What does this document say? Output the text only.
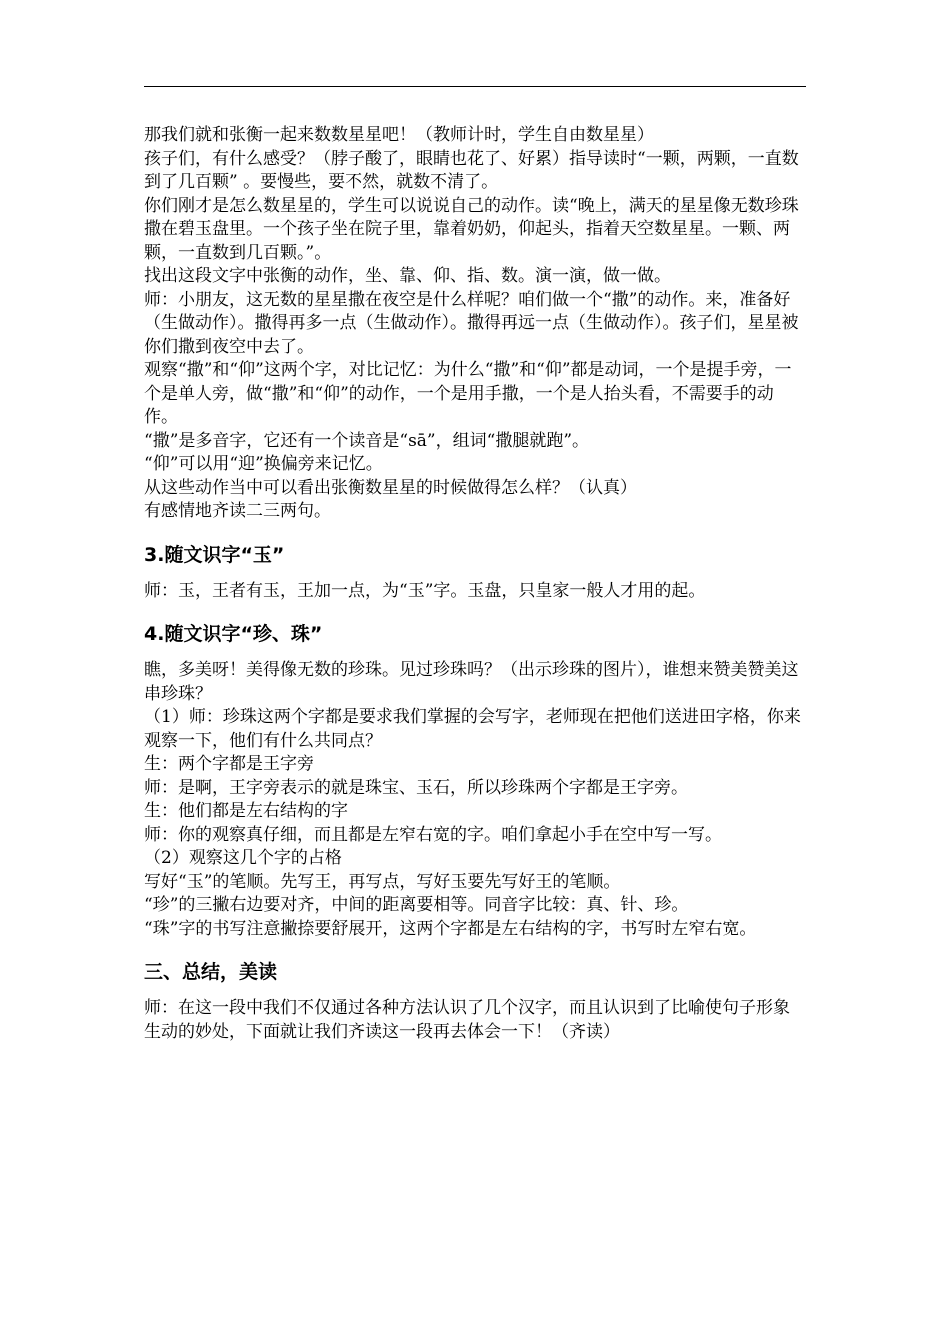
那我们就和张衡一起来数数星星吧！（教师计时，学生自由数星星）

孩子们，有什么感受？（脖子酸了，眼睛也花了、好累）指导读时“一颗，两颗，一直数到了几百颗” 。要慢些，要不然，就数不清了。

你们刚才是怎么数星星的，学生可以说说自己的动作。读“晚上，满天的星星像无数珍珠撒在碧玉盘里。一个孩子坐在院子里，靠着奶奶，仰起头，指着天空数星星。一颗、两颗，一直数到几百颗。”。

找出这段文字中张衡的动作，坐、靠、仰、指、数。演一演，做一做。

师：小朋友，这无数的星星撒在夜空是什么样呢？咱们做一个“撒”的动作。来，准备好（生做动作）。撒得再多一点（生做动作）。撒得再远一点（生做动作）。孩子们，星星被你们撒到夜空中去了。

观察“撒”和“仰”这两个字，对比记忆：为什么“撒”和“仰”都是动词，一个是提手旁，一个是单人旁，做“撒”和“仰”的动作，一个是用手撒，一个是人抬头看，不需要手的动作。

“撒”是多音字，它还有一个读音是“sā”，组词“撒腿就跑”。

“仰”可以用“迎”换偏旁来记忆。

从这些动作当中可以看出张衡数星星的时候做得怎么样？（认真）

有感情地齐读二三两句。

3.随文识字“玉”

师：玉，王者有玉，王加一点，为“玉”字。玉盘，只皇家一般人才用的起。

4.随文识字“珍、珠”

瞧，多美呀！美得像无数的珍珠。见过珍珠吗？（出示珍珠的图片），谁想来赞美赞美这串珍珠？

（1）师：珍珠这两个字都是要求我们掌握的会写字，老师现在把他们送进田字格，你来观察一下，他们有什么共同点？

生：两个字都是王字旁

师：是啊，王字旁表示的就是珠宝、玉石，所以珍珠两个字都是王字旁。

生：他们都是左右结构的字

师：你的观察真仔细，而且都是左窄右宽的字。咱们拿起小手在空中写一写。

（2）观察这几个字的占格

写好“玉”的笔顺。先写王，再写点，写好玉要先写好王的笔顺。

“珍”的三撇右边要对齐，中间的距离要相等。同音字比较：真、针、珍。

“珠”字的书写注意撇捺要舒展开，这两个字都是左右结构的字，书写时左窄右宽。

三、总结，美读

师：在这一段中我们不仅通过各种方法认识了几个汉字，而且认识到了比喻使句子形象生动的妙处，下面就让我们齐读这一段再去体会一下！（齐读）
